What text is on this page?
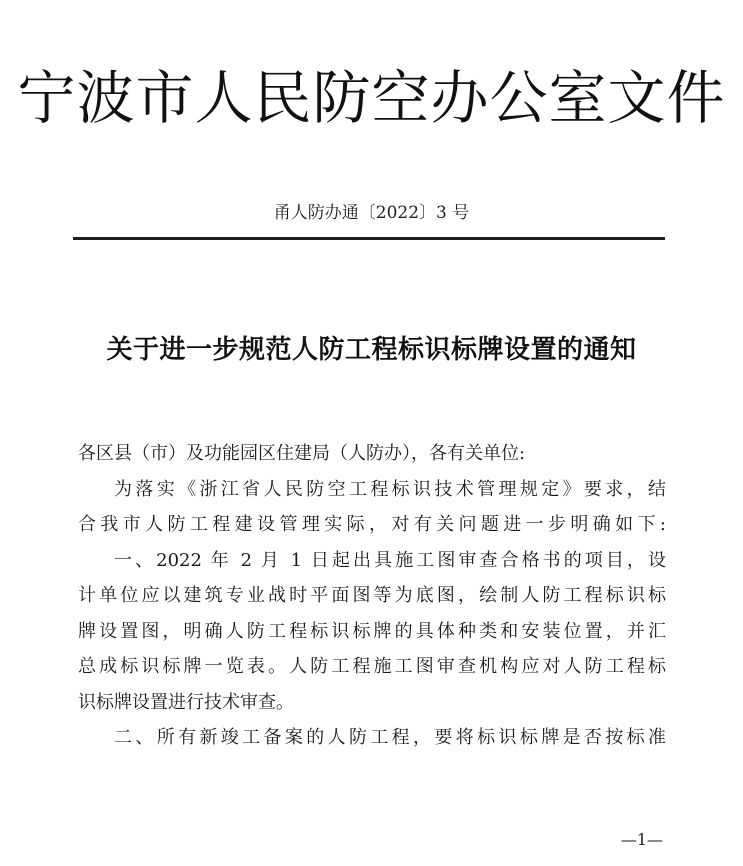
宁波市人民防空办公室文件
甬人防办通〔2022〕3 号
关于进一步规范人防工程标识标牌设置的通知
各区县（市）及功能园区住建局（人防办），各有关单位:
为落实《浙江省人民防空工程标识技术管理规定》要求，结
合我市人防工程建设管理实际，对有关问题进一步明确如下:
一、2022 年 2 月 1 日起出具施工图审查合格书的项目，设
计单位应以建筑专业战时平面图等为底图，绘制人防工程标识标
牌设置图，明确人防工程标识标牌的具体种类和安装位置，并汇
总成标识标牌一览表。人防工程施工图审查机构应对人防工程标
识标牌设置进行技术审查。
二、所有新竣工备案的人防工程，要将标识标牌是否按标准
—1—
